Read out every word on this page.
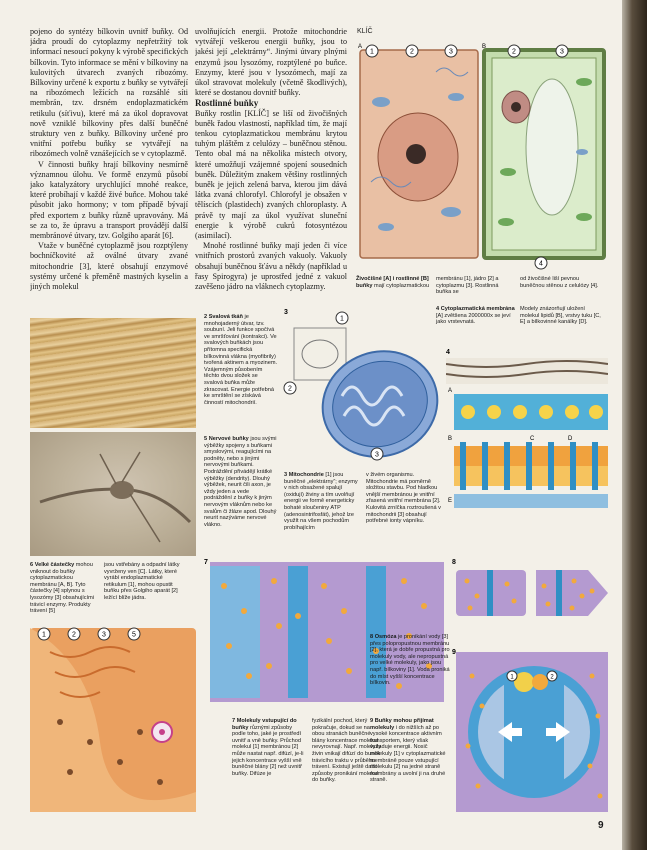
pojeno do syntézy bílkovin uvnitř buňky. Od jádra proudí do cytoplazmy nepřetržitý tok informací nesoucí pokyny k výrobě specifických bílkovin. Tyto informace se mění v bílkoviny na kulovitých útvarech zvaných ribozómy. Bílkoviny určené k exportu z buňky se vytvářejí na ribozómech ležících na rozsáhlé síti membrán, tzv. drsném endoplazmatickém retikulu (síťivu), které má za úkol dopravovat nově vzniklé bílkoviny přes další buněčné struktury ven z buňky. Bílkoviny určené pro vnitřní potřebu buňky se vytvářejí na ribozómech volně vznášejících se v cytoplazmě.

V činnosti buňky hrají bílkoviny nesmírně významnou úlohu. Ve formě enzymů působí jako katalyzátory urychlující mnohé reakce, které probíhají v každé živé buňce. Mohou také působit jako hormony; v tom případě bývají před exportem z buňky různě upravovány. Má se za to, že úpravu a transport provádějí další membránové útvary, tzv. Golgiho aparát [6].

Vtaže v buněčné cytoplazmě jsou rozptýleny bochníčkovité až oválné útvary zvané mitochondrie [3], které obsahují enzymové systémy určené k přeměně mastných kyselin a jiných molekul

uvolňujících energii. Protože mitochondrie vytvářejí veškerou energii buňky, jsou to jakési její „elektrárny“. Jinými útvary plnými enzymů jsou lysozómy, rozptýlené po buňce. Enzymy, které jsou v lysozómech, mají za úkol stravovat molekuly (včetně škodlivých), které se dostanou dovnitř buňky.

Rostlinné buňky

Buňky rostlin [KLÍČ] se liší od živočišných buněk řadou vlastností, například tím, že mají tenkou cytoplazmatickou membránu krytou tuhým pláštěm z celulózy – buněčnou stěnou. Tento obal má na několika místech otvory, které umožňují vzájemné spojení sousedních buněk. Důležitým znakem většiny rostlinných buněk je jejich zelená barva, kterou jim dává látka zvaná chlorofyl. Chlorofyl je obsažen v tělíscích (plastidech) zvaných chloroplasty. A právě ty mají za úkol využívat sluneční energie k výrobě cukrů fotosyntézou (asimilací).

Mnohé rostlinné buňky mají jeden či více vnitřních prostorů zvaných vakuoly. Vakuoly obsahují buněčnou šťávu a někdy (například u řasy Spirogyra) je uprostřed jedné z vakuol zavěšeno jádro na vláknech cytoplazmy.

KLÍČ
1	2	3	2	3
A	B
4
Živočišné [A] i rostlinné [B] buňky mají cytoplazmatickou
membránu [1], jádro [2] a cytoplazmu [3]. Rostlinná buňka se
od živočišné liší pevnou buněčnou stěnou z celulózy [4].
4 Cytoplazmatická membrána [A] zvětšena 2000000x se jeví jako vrstevnatá.
Modely znázorňují uložení molekul lipidů [B], vrstvy tuku [C, E] a bílkovinné kanálky [D].
2 Svalová tkáň je mnohojaderný útvar, tzv. soubuní. Jeli funkce spočívá ve smršťování (kontrakci). Ve svalových buňkách jsou přítomna specifická bílkovinná vlákna (myofibrily) tvořená aktinem a myozinem. Vzájemným působením těchto dvou složek se svalová buňka může zkracovat. Energie potřebná ke smrštění se získává činností mitochondrií.
3
1
2
3
4
A
B	C	D
E
5 Nervové buňky jsou svými výběžky spojeny s buňkami smyslovými, reagujícími na podněty, nebo s jinými nervovými buňkami. Podráždění přivádějí krátké výběžky (dendrity). Dlouhý výběžek, neurit čili axon, je vždy jeden a vede podráždění z buňky k jiným nervovým vláknům nebo ke svalům či žláze apod. Dlouhý neurit nazýváme nervové vlákno.
3 Mitochondrie [1] jsou buněčné „elektrárny“; enzymy v nich obsažené spalují (oxidují) živiny a tím uvolňují energii ve formě energeticky bohaté sloučeniny ATP (adenosintrifosfát), jehož lze využít na všem pochodům probíhajícím
v živém organismu. Mitochondrie má poměrně složitou stavbu. Pod hladkou vnější membránou je vnitřní zřasená vnitřní membrána [2]. Kulovitá zrníčka roztroušená v mitochondrii [3] obsahují potřebné ionty vápníku.
6 Velké částečky mohou vniknout do buňky cytoplazmatickou membránu [A, B]. Tyto částečky [4] splynou s lysozómy [3] obsahujícími trávicí enzymy. Produkty trávení [5]
jsou vstřebány a odpadní látky vyvrženy ven [C]. Látky, které vyrábí endoplazmatické retikulum [1], mohou opustit buňku přes Golgiho aparát [2] ležící blíže jádra.
1	2	3	5
7
7 Molekuly vstupující do buňky různými způsoby podle toho, jaké je prostředí uvnitř a vně buňky. Průchod molekul [1] membránou [2] může nastat např. difúzí, je-li jejich koncentrace vyšší vně buněčné blány [2] než uvnitř buňky. Difúze je
fyzikální pochod, který pokračuje, dokud se na obou stranách buněčné blány koncentrace molekul nevyrovnají. Např. molekuly živin vnikají difúzí do buněk trávicího traktu v průběhu trávení. Existují ještě další způsoby pronikání molekul do buňky.
8
8 Osmóza je pronikání vody [3] přes polopropustnou membránu [2], která je dobře propustná pro molekuly vody, ale nepropustná pro velké molekuly, jako jsou např. bílkoviny [1]. Voda proniká do míst vyšší koncentrace bílkovin.
9
1	2
9 Buňky mohou přijímat molekuly i do nižších až po vysoké koncentrace aktivním transportem, který však vyžaduje energii. Nosič molekuly [1] v cytoplazmatické membráně pouze vstupující molekulu [2] na jedné straně membrány a uvolní ji na druhé straně.
9
